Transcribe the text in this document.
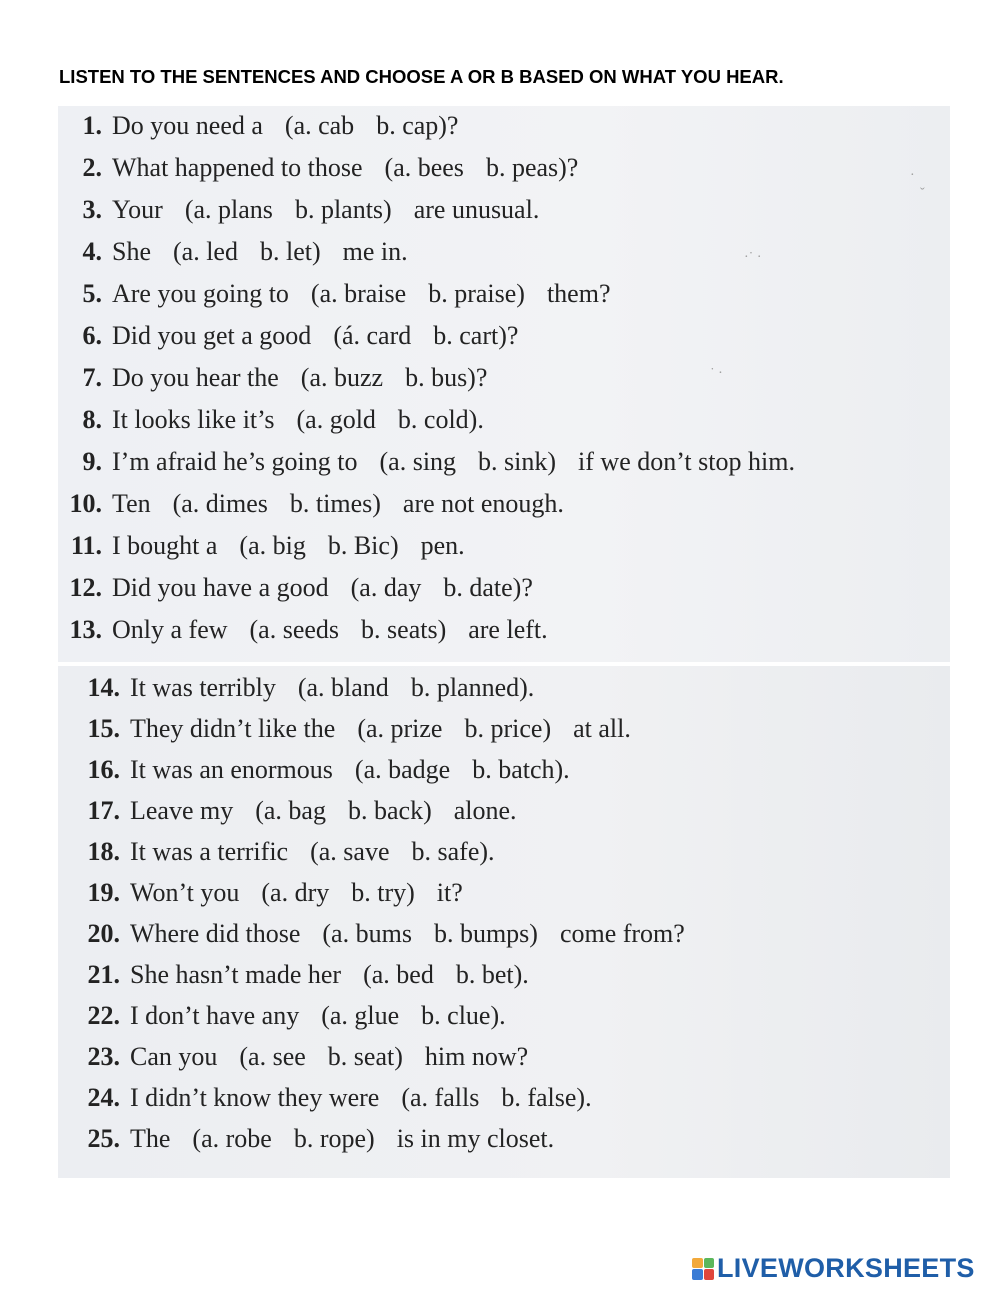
LISTEN TO THE SENTENCES AND CHOOSE A OR B BASED ON WHAT YOU HEAR.
·
ˇ
·˙ ·
˙ ·
1. Do you need a (a. cab b. cap)?
2. What happened to those (a. bees b. peas)?
3. Your (a. plans b. plants) are unusual.
4. She (a. led b. let) me in.
5. Are you going to (a. braise b. praise) them?
6. Did you get a good (á. card b. cart)?
7. Do you hear the (a. buzz b. bus)?
8. It looks like it’s (a. gold b. cold).
9. I’m afraid he’s going to (a. sing b. sink) if we don’t stop him.
10. Ten (a. dimes b. times) are not enough.
11. I bought a (a. big b. Bic) pen.
12. Did you have a good (a. day b. date)?
13. Only a few (a. seeds b. seats) are left.
14. It was terribly (a. bland b. planned).
15. They didn’t like the (a. prize b. price) at all.
16. It was an enormous (a. badge b. batch).
17. Leave my (a. bag b. back) alone.
18. It was a terrific (a. save b. safe).
19. Won’t you (a. dry b. try) it?
20. Where did those (a. bums b. bumps) come from?
21. She hasn’t made her (a. bed b. bet).
22. I don’t have any (a. glue b. clue).
23. Can you (a. see b. seat) him now?
24. I didn’t know they were (a. falls b. false).
25. The (a. robe b. rope) is in my closet.
LIVEWORKSHEETS
